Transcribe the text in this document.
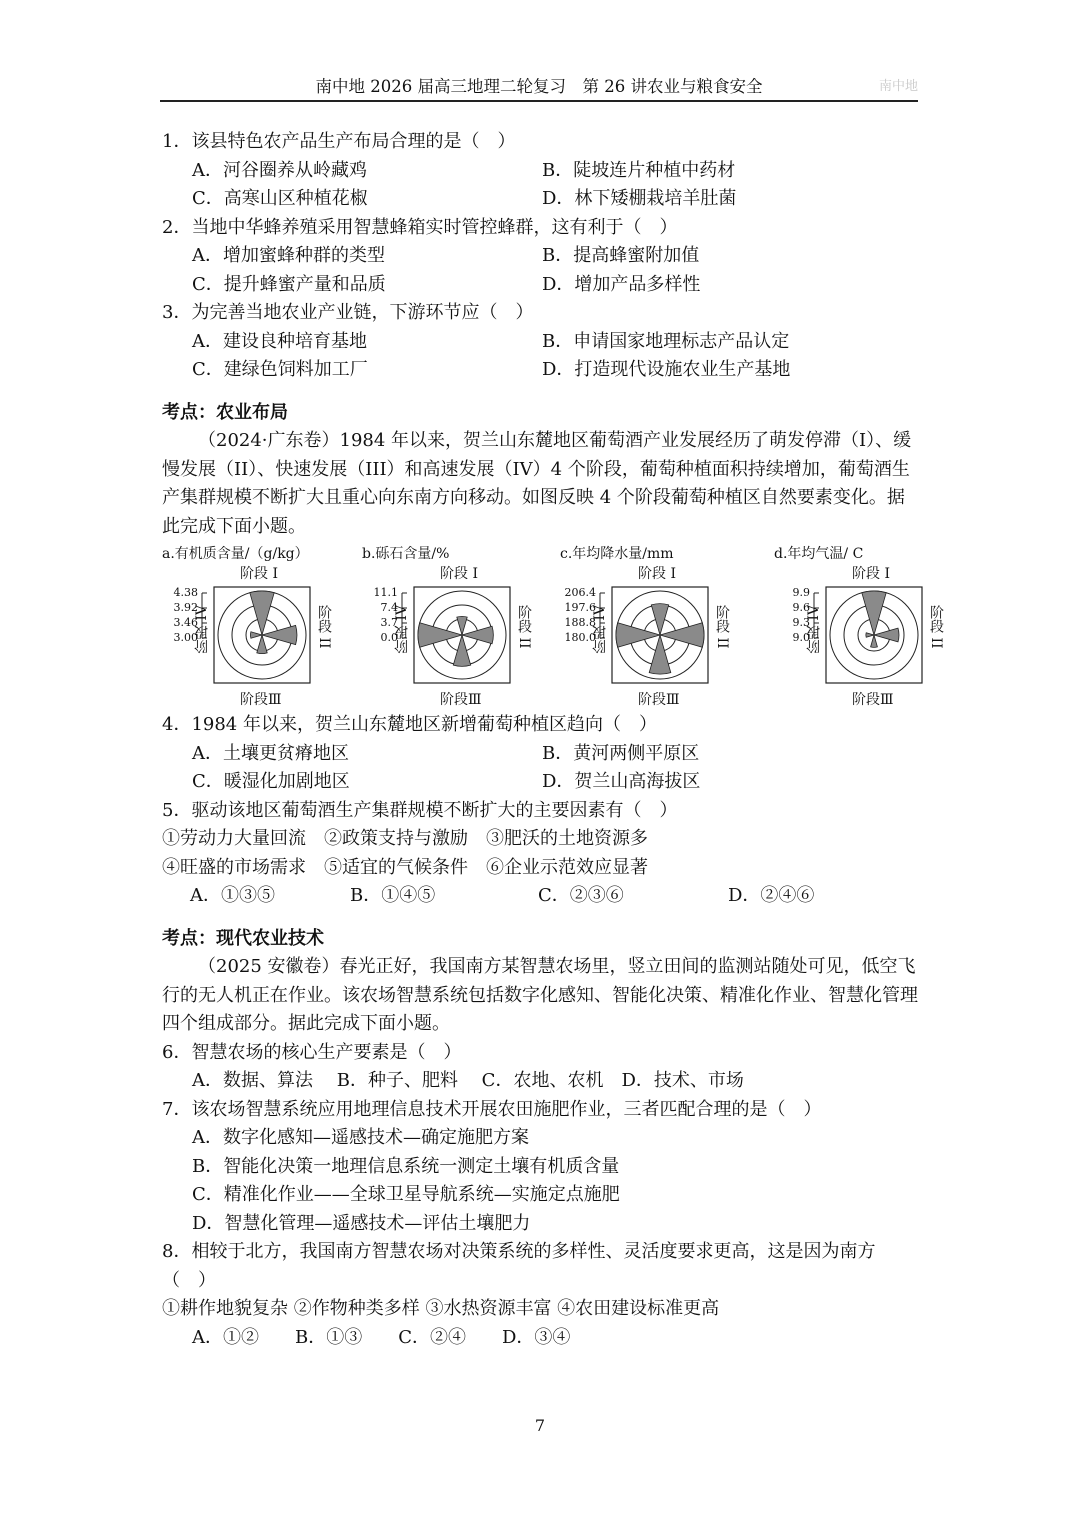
南中地 2026 届高三地理二轮复习　第 26 讲农业与粮食安全	南中地
1．该县特色农产品生产布局合理的是（　）
A．河谷圈养从岭藏鸡	B．陡坡连片种植中药材
C．高寒山区种植花椒	D．林下矮棚栽培羊肚菌
2．当地中华蜂养殖采用智慧蜂箱实时管控蜂群，这有利于（　）
A．增加蜜蜂种群的类型	B．提高蜂蜜附加值
C．提升蜂蜜产量和品质	D．增加产品多样性
3．为完善当地农业产业链，下游环节应（　）
A．建设良种培育基地	B．申请国家地理标志产品认定
C．建绿色饲料加工厂	D．打造现代设施农业生产基地
考点：农业布局
（2024·广东卷）1984 年以来，贺兰山东麓地区葡萄酒产业发展经历了萌发停滞（I）、缓慢发展（II）、快速发展（III）和高速发展（IV）4 个阶段，葡萄种植面积持续增加，葡萄酒生产集群规模不断扩大且重心向东南方向移动。如图反映 4 个阶段葡萄种植区自然要素变化。据此完成下面小题。
a.有机质含量/（g/kg）
4.38
3.92
3.46
3.00
阶段 I
阶段Ⅲ
阶段 II
阶段 IV
b.砾石含量/%
11.1
7.4
3.7
0.0
阶段 I
阶段Ⅲ
阶段 II
阶段 IV
c.年均降水量/mm
206.4
197.6
188.8
180.0
阶段 I
阶段Ⅲ
阶段 II
阶段 IV
d.年均气温/ C
9.9
9.6
9.3
9.0
阶段 I
阶段Ⅲ
阶段 II
阶段 IV
4．1984 年以来，贺兰山东麓地区新增葡萄种植区趋向（　）
A．土壤更贫瘠地区	B．黄河两侧平原区
C．暖湿化加剧地区	D．贺兰山高海拔区
5．驱动该地区葡萄酒生产集群规模不断扩大的主要因素有（　）
①劳动力大量回流　②政策支持与激励　③肥沃的土地资源多
④旺盛的市场需求　⑤适宜的气候条件　⑥企业示范效应显著
A．①③⑤	B．①④⑤	C．②③⑥	D．②④⑥
考点：现代农业技术
（2025 安徽卷）春光正好，我国南方某智慧农场里，竖立田间的监测站随处可见，低空飞行的无人机正在作业。该农场智慧系统包括数字化感知、智能化决策、精准化作业、智慧化管理四个组成部分。据此完成下面小题。
6．智慧农场的核心生产要素是（　）
A．数据、算法　 B．种子、肥料　 C．农地、农机　D．技术、市场
7．该农场智慧系统应用地理信息技术开展农田施肥作业，三者匹配合理的是（　）
A．数字化感知—遥感技术—确定施肥方案
B．智能化决策一地理信息系统一测定土壤有机质含量
C．精准化作业——全球卫星导航系统—实施定点施肥
D．智慧化管理—遥感技术—评估土壤肥力
8．相较于北方，我国南方智慧农场对决策系统的多样性、灵活度要求更高，这是因为南方
（　）
①耕作地貌复杂 ②作物种类多样 ③水热资源丰富 ④农田建设标准更高
A．①②　　B．①③　　C．②④　　D．③④
7
